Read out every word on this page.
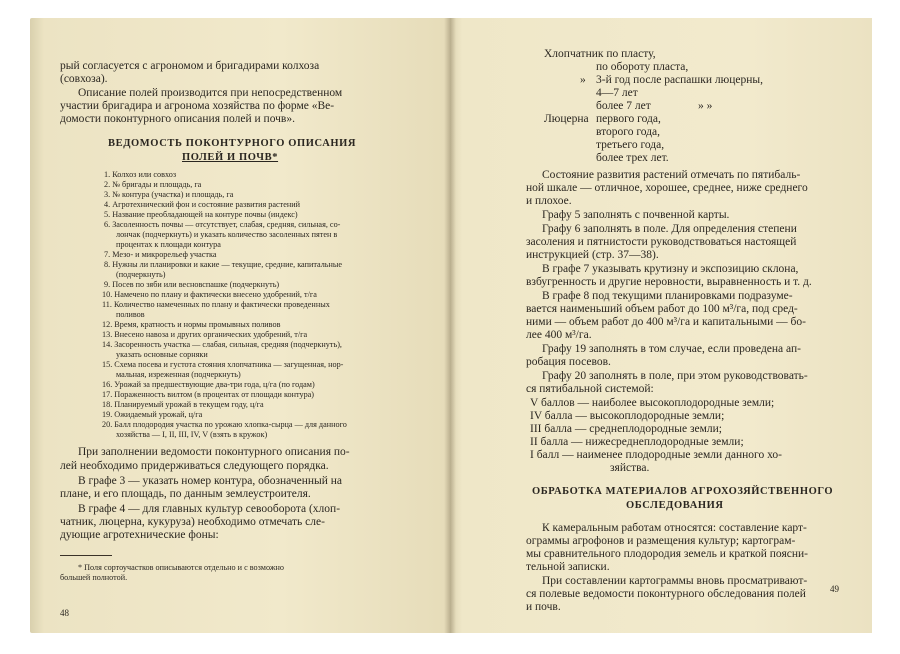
рый согласуется с агрономом и бригадирами колхоза
(совхоза).
Описание полей производится при непосредственном
участии бригадира и агронома хозяйства по форме «Ве-
домости поконтурного описания полей и почв».
ВЕДОМОСТЬ ПОКОНТУРНОГО ОПИСАНИЯ
ПОЛЕЙ И ПОЧВ*
1. Колхоз или совхоз
2. № бригады и площадь, га
3. № контура (участка) и площадь, га
4. Агротехнический фон и состояние развития растений
5. Название преобладающей на контуре почвы (индекс)
6. Засоленность почвы — отсутствует, слабая, средняя, сильная, со-
лончак (подчеркнуть) и указать количество засоленных пятен в
процентах к площади контура
7. Мезо- и микрорельеф участка
8. Нужны ли планировки и какие — текущие, средние, капитальные
(подчеркнуть)
9. Посев по зяби или весновспашке (подчеркнуть)
10. Намечено по плану и фактически внесено удобрений, т/га
11. Количество намеченных по плану и фактически проведенных
поливов
12. Время, кратность и нормы промывных поливов
13. Внесено навоза и других органических удобрений, т/га
14. Засоренность участка — слабая, сильная, средняя (подчеркнуть),
указать основные сорняки
15. Схема посева и густота стояния хлопчатника — загущенная, нор-
мальная, изреженная (подчеркнуть)
16. Урожай за предшествующие два-три года, ц/га (по годам)
17. Пораженность вилтом (в процентах от площади контура)
18. Планируемый урожай в текущем году, ц/га
19. Ожидаемый урожай, ц/га
20. Балл плодородия участка по урожаю хлопка-сырца — для данного
хозяйства — I, II, III, IV, V (взять в кружок)
При заполнении ведомости поконтурного описания по-
лей необходимо придерживаться следующего порядка.
В графе 3 — указать номер контура, обозначенный на
плане, и его площадь, по данным землеустроителя.
В графе 4 — для главных культур севооборота (хлоп-
чатник, люцерна, кукуруза) необходимо отмечать сле-
дующие агротехнические фоны:
* Поля сортоучастков описываются отдельно и с возможно
большей полнотой.
48
Хлопчатник по пласту,
по обороту пласта,
3-й год после распашки люцерны,
4—7 лет
более 7 лет
Люцерна первого года,
второго года,
третьего года,
более трех лет.
»
» »
Состояние развития растений отмечать по пятибаль-
ной шкале — отличное, хорошее, среднее, ниже среднего
и плохое.
Графу 5 заполнять с почвенной карты.
Графу 6 заполнять в поле. Для определения степени
засоления и пятнистости руководствоваться настоящей
инструкцией (стр. 37—38).
В графе 7 указывать крутизну и экспозицию склона,
взбугренность и другие неровности, выравненность и т. д.
В графе 8 под текущими планировками подразуме-
вается наименьший объем работ до 100 м³/га, под сред-
ними — объем работ до 400 м³/га и капитальными — бо-
лее 400 м³/га.
Графу 19 заполнять в том случае, если проведена ап-
робация посевов.
Графу 20 заполнять в поле, при этом руководствовать-
ся пятибальной системой:
V баллов — наиболее высокоплодородные земли;
IV балла — высокоплодородные земли;
III балла — среднеплодородные земли;
II балла — нижесреднеплодородные земли;
I балл — наименее плодородные земли данного хо-
зяйства.
ОБРАБОТКА МАТЕРИАЛОВ АГРОХОЗЯЙСТВЕННОГО
ОБСЛЕДОВАНИЯ
К камеральным работам относятся: составление карт-
ограммы агрофонов и размещения культур; картограм-
мы сравнительного плодородия земель и краткой поясни-
тельной записки.
При составлении картограммы вновь просматривают-
ся полевые ведомости поконтурного обследования полей
и почв.
49
